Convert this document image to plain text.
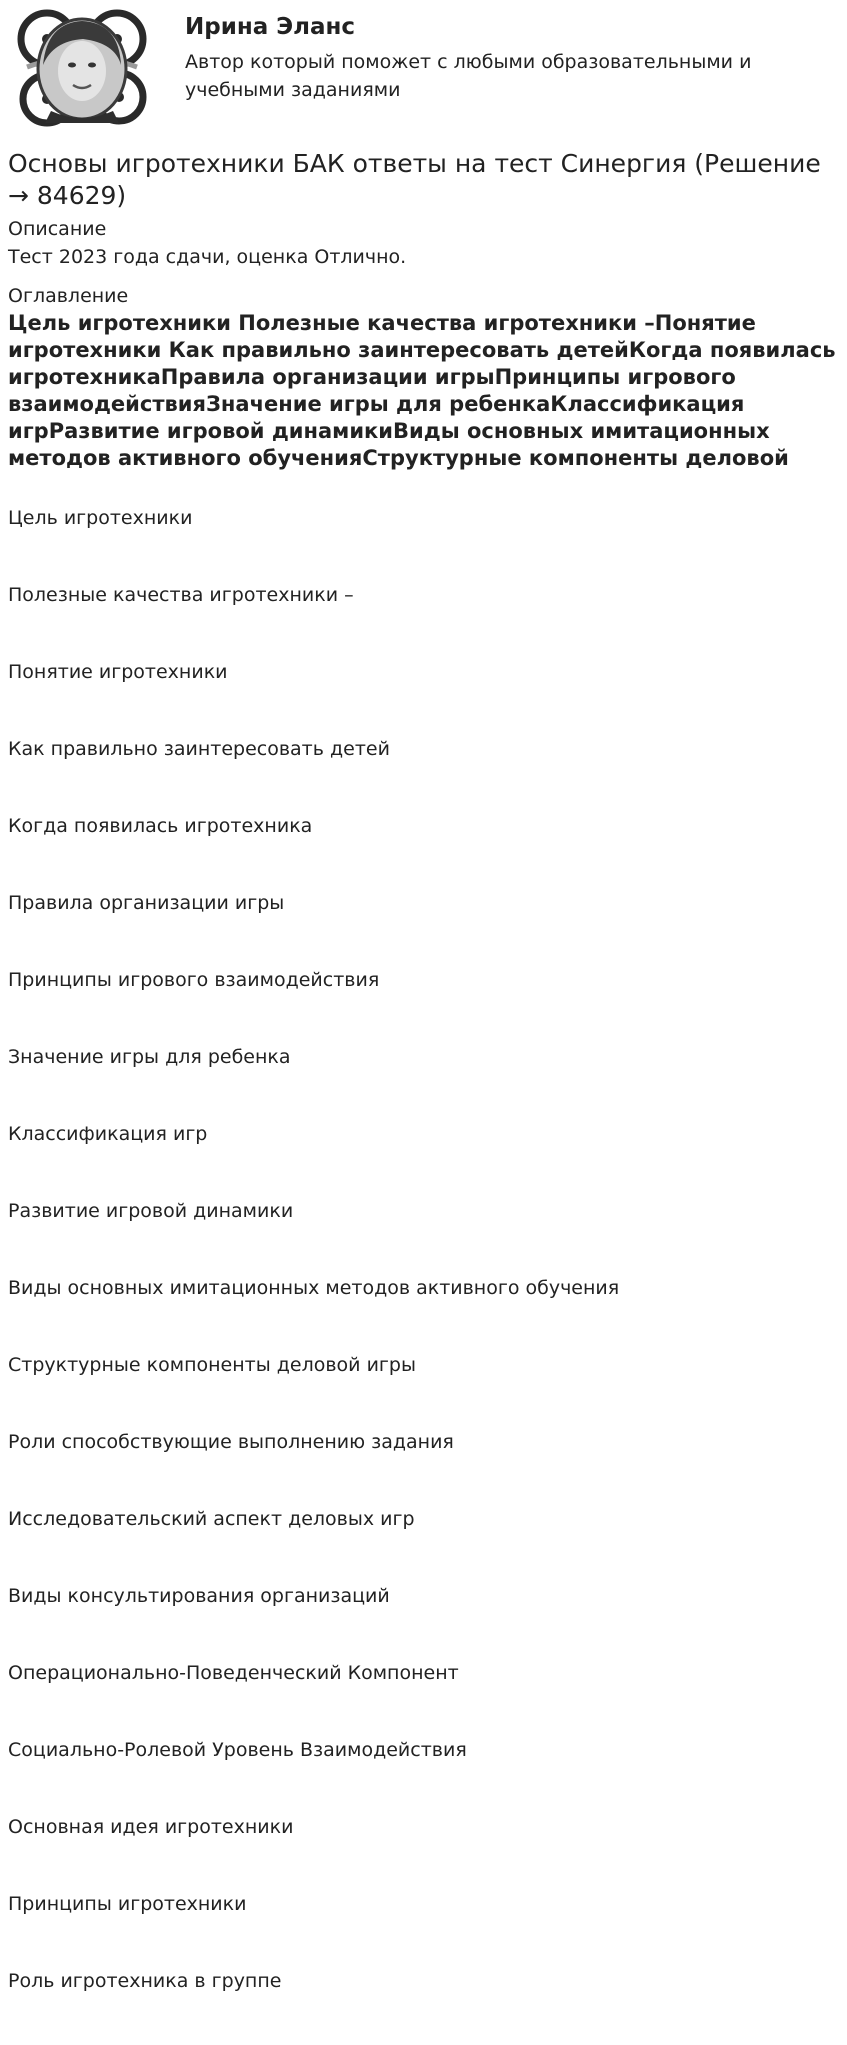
Ирина Эланс
Автор который поможет с любыми образовательными и учебными заданиями
Основы игротехники БАК ответы на тест Синергия (Решение → 84629)
Описание
Тест 2023 года сдачи, оценка Отлично.
Оглавление
Цель игротехники Полезные качества игротехники –Понятие игротехники Как правильно заинтересовать детейКогда появилась игротехникаПравила организации игрыПринципы игрового взаимодействияЗначение игры для ребенкаКлассификация игрРазвитие игровой динамикиВиды основных имитационных методов активного обученияСтруктурные компоненты деловой
Цель игротехники
Полезные качества игротехники –
Понятие игротехники
Как правильно заинтересовать детей
Когда появилась игротехника
Правила организации игры
Принципы игрового взаимодействия
Значение игры для ребенка
Классификация игр
Развитие игровой динамики
Виды основных имитационных методов активного обучения
Структурные компоненты деловой игры
Роли способствующие выполнению задания
Исследовательский аспект деловых игр
Виды консультирования организаций
Операционально-Поведенческий Компонент
Социально-Ролевой Уровень Взаимодействия
Основная идея игротехники
Принципы игротехники
Роль игротехника в группе
